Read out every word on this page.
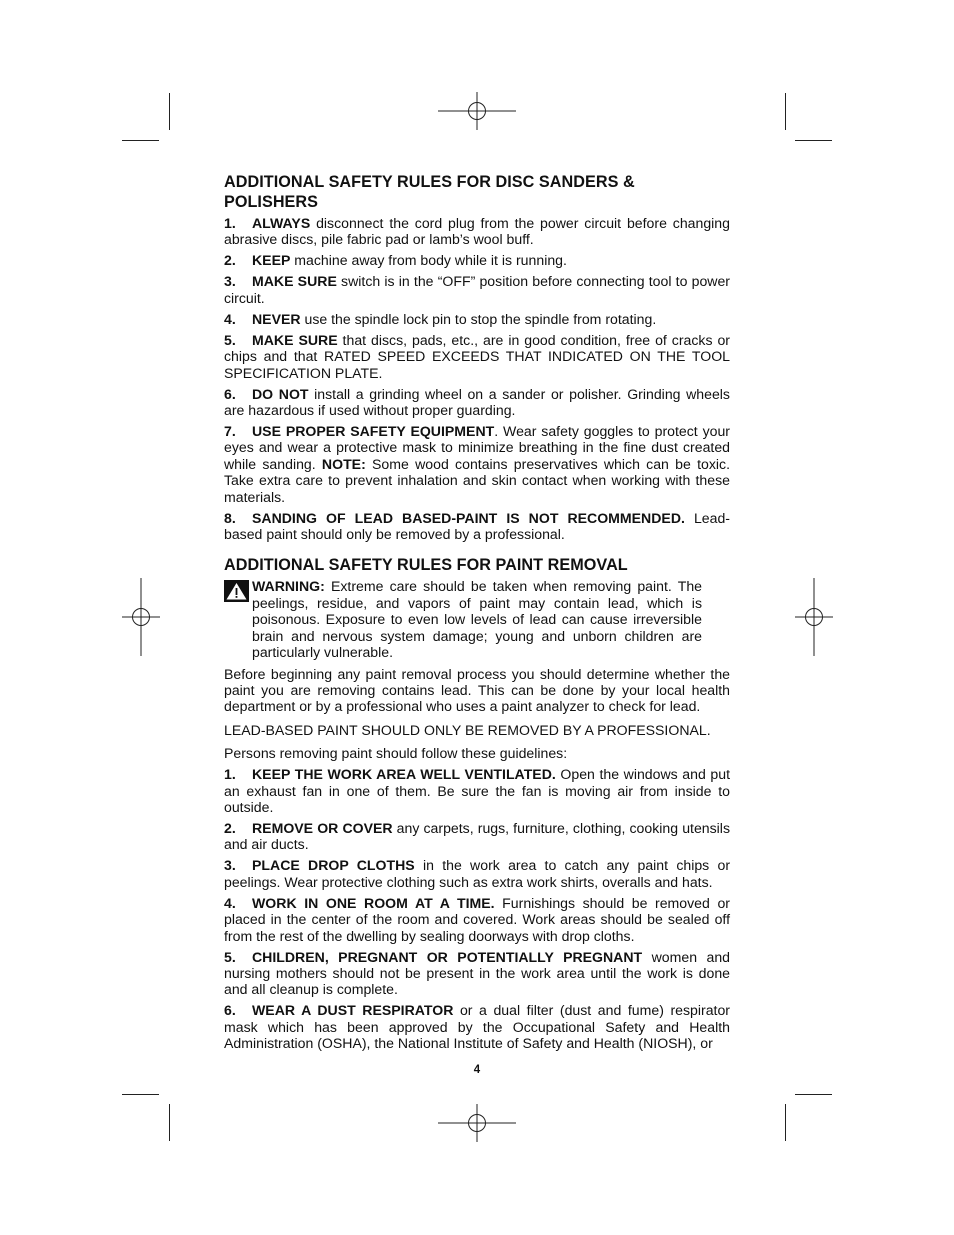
ADDITIONAL SAFETY RULES FOR DISC SANDERS & POLISHERS

1. ALWAYS disconnect the cord plug from the power circuit before changing abrasive discs, pile fabric pad or lamb’s wool buff.

2. KEEP machine away from body while it is running.

3. MAKE SURE switch is in the “OFF” position before connecting tool to power circuit.

4. NEVER use the spindle lock pin to stop the spindle from rotating.

5. MAKE SURE that discs, pads, etc., are in good condition, free of cracks or chips and that RATED SPEED EXCEEDS THAT INDICATED ON THE TOOL SPECIFICATION PLATE.

6. DO NOT install a grinding wheel on a sander or polisher. Grinding wheels are hazardous if used without proper guarding.

7. USE PROPER SAFETY EQUIPMENT. Wear safety goggles to protect your eyes and wear a protective mask to minimize breathing in the fine dust created while sanding. NOTE: Some wood contains preservatives which can be toxic. Take extra care to prevent inhalation and skin contact when working with these materials.

8. SANDING OF LEAD BASED-PAINT IS NOT RECOMMENDED. Lead-based paint should only be removed by a professional.

ADDITIONAL SAFETY RULES FOR PAINT REMOVAL

WARNING: Extreme care should be taken when removing paint. The peelings, residue, and vapors of paint may contain lead, which is poisonous. Exposure to even low levels of lead can cause irreversible brain and nervous system damage; young and unborn children are particularly vulnerable.

Before beginning any paint removal process you should determine whether the paint you are removing contains lead. This can be done by your local health department or by a professional who uses a paint analyzer to check for lead.

LEAD-BASED PAINT SHOULD ONLY BE REMOVED BY A PROFESSIONAL.

Persons removing paint should follow these guidelines:

1. KEEP THE WORK AREA WELL VENTILATED. Open the windows and put an exhaust fan in one of them. Be sure the fan is moving air from inside to outside.

2. REMOVE OR COVER any carpets, rugs, furniture, clothing, cooking utensils and air ducts.

3. PLACE DROP CLOTHS in the work area to catch any paint chips or peelings. Wear protective clothing such as extra work shirts, overalls and hats.

4. WORK IN ONE ROOM AT A TIME. Furnishings should be removed or placed in the center of the room and covered. Work areas should be sealed off from the rest of the dwelling by sealing doorways with drop cloths.

5. CHILDREN, PREGNANT OR POTENTIALLY PREGNANT women and nursing mothers should not be present in the work area until the work is done and all cleanup is complete.

6. WEAR A DUST RESPIRATOR or a dual filter (dust and fume) respirator mask which has been approved by the Occupational Safety and Health Administration (OSHA), the National Institute of Safety and Health (NIOSH), or

4
